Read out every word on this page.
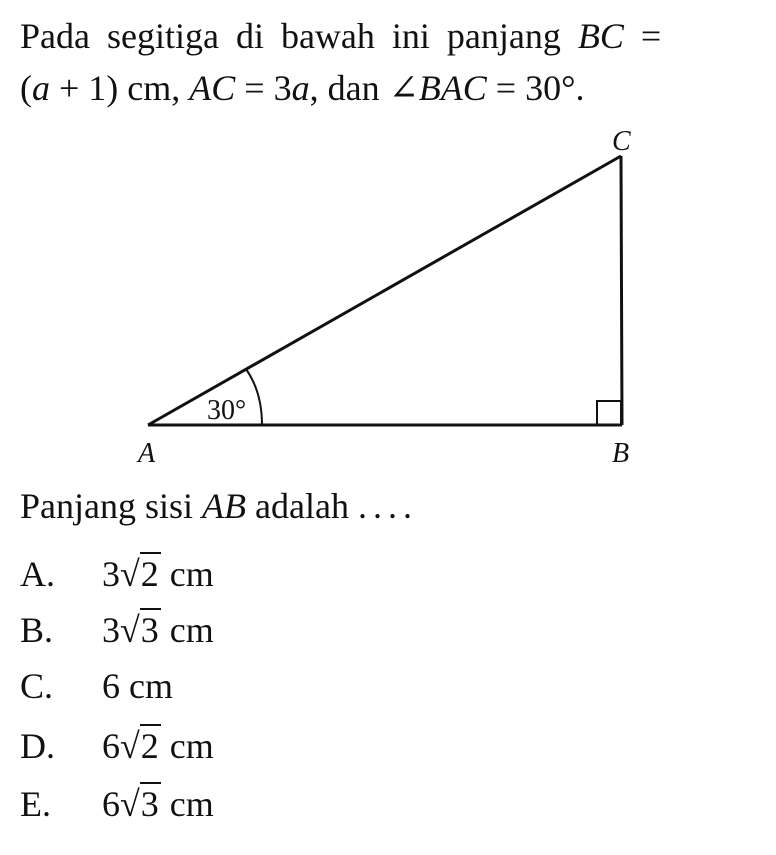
Pada segitiga di bawah ini panjang BC =
(a + 1) cm, AC = 3a, dan ∠BAC = 30°.
30°
A	B
C
Panjang sisi AB adalah ....
A. 3√2 cm
B. 3√3 cm
C. 6 cm
D. 6√2 cm
E. 6√3 cm
